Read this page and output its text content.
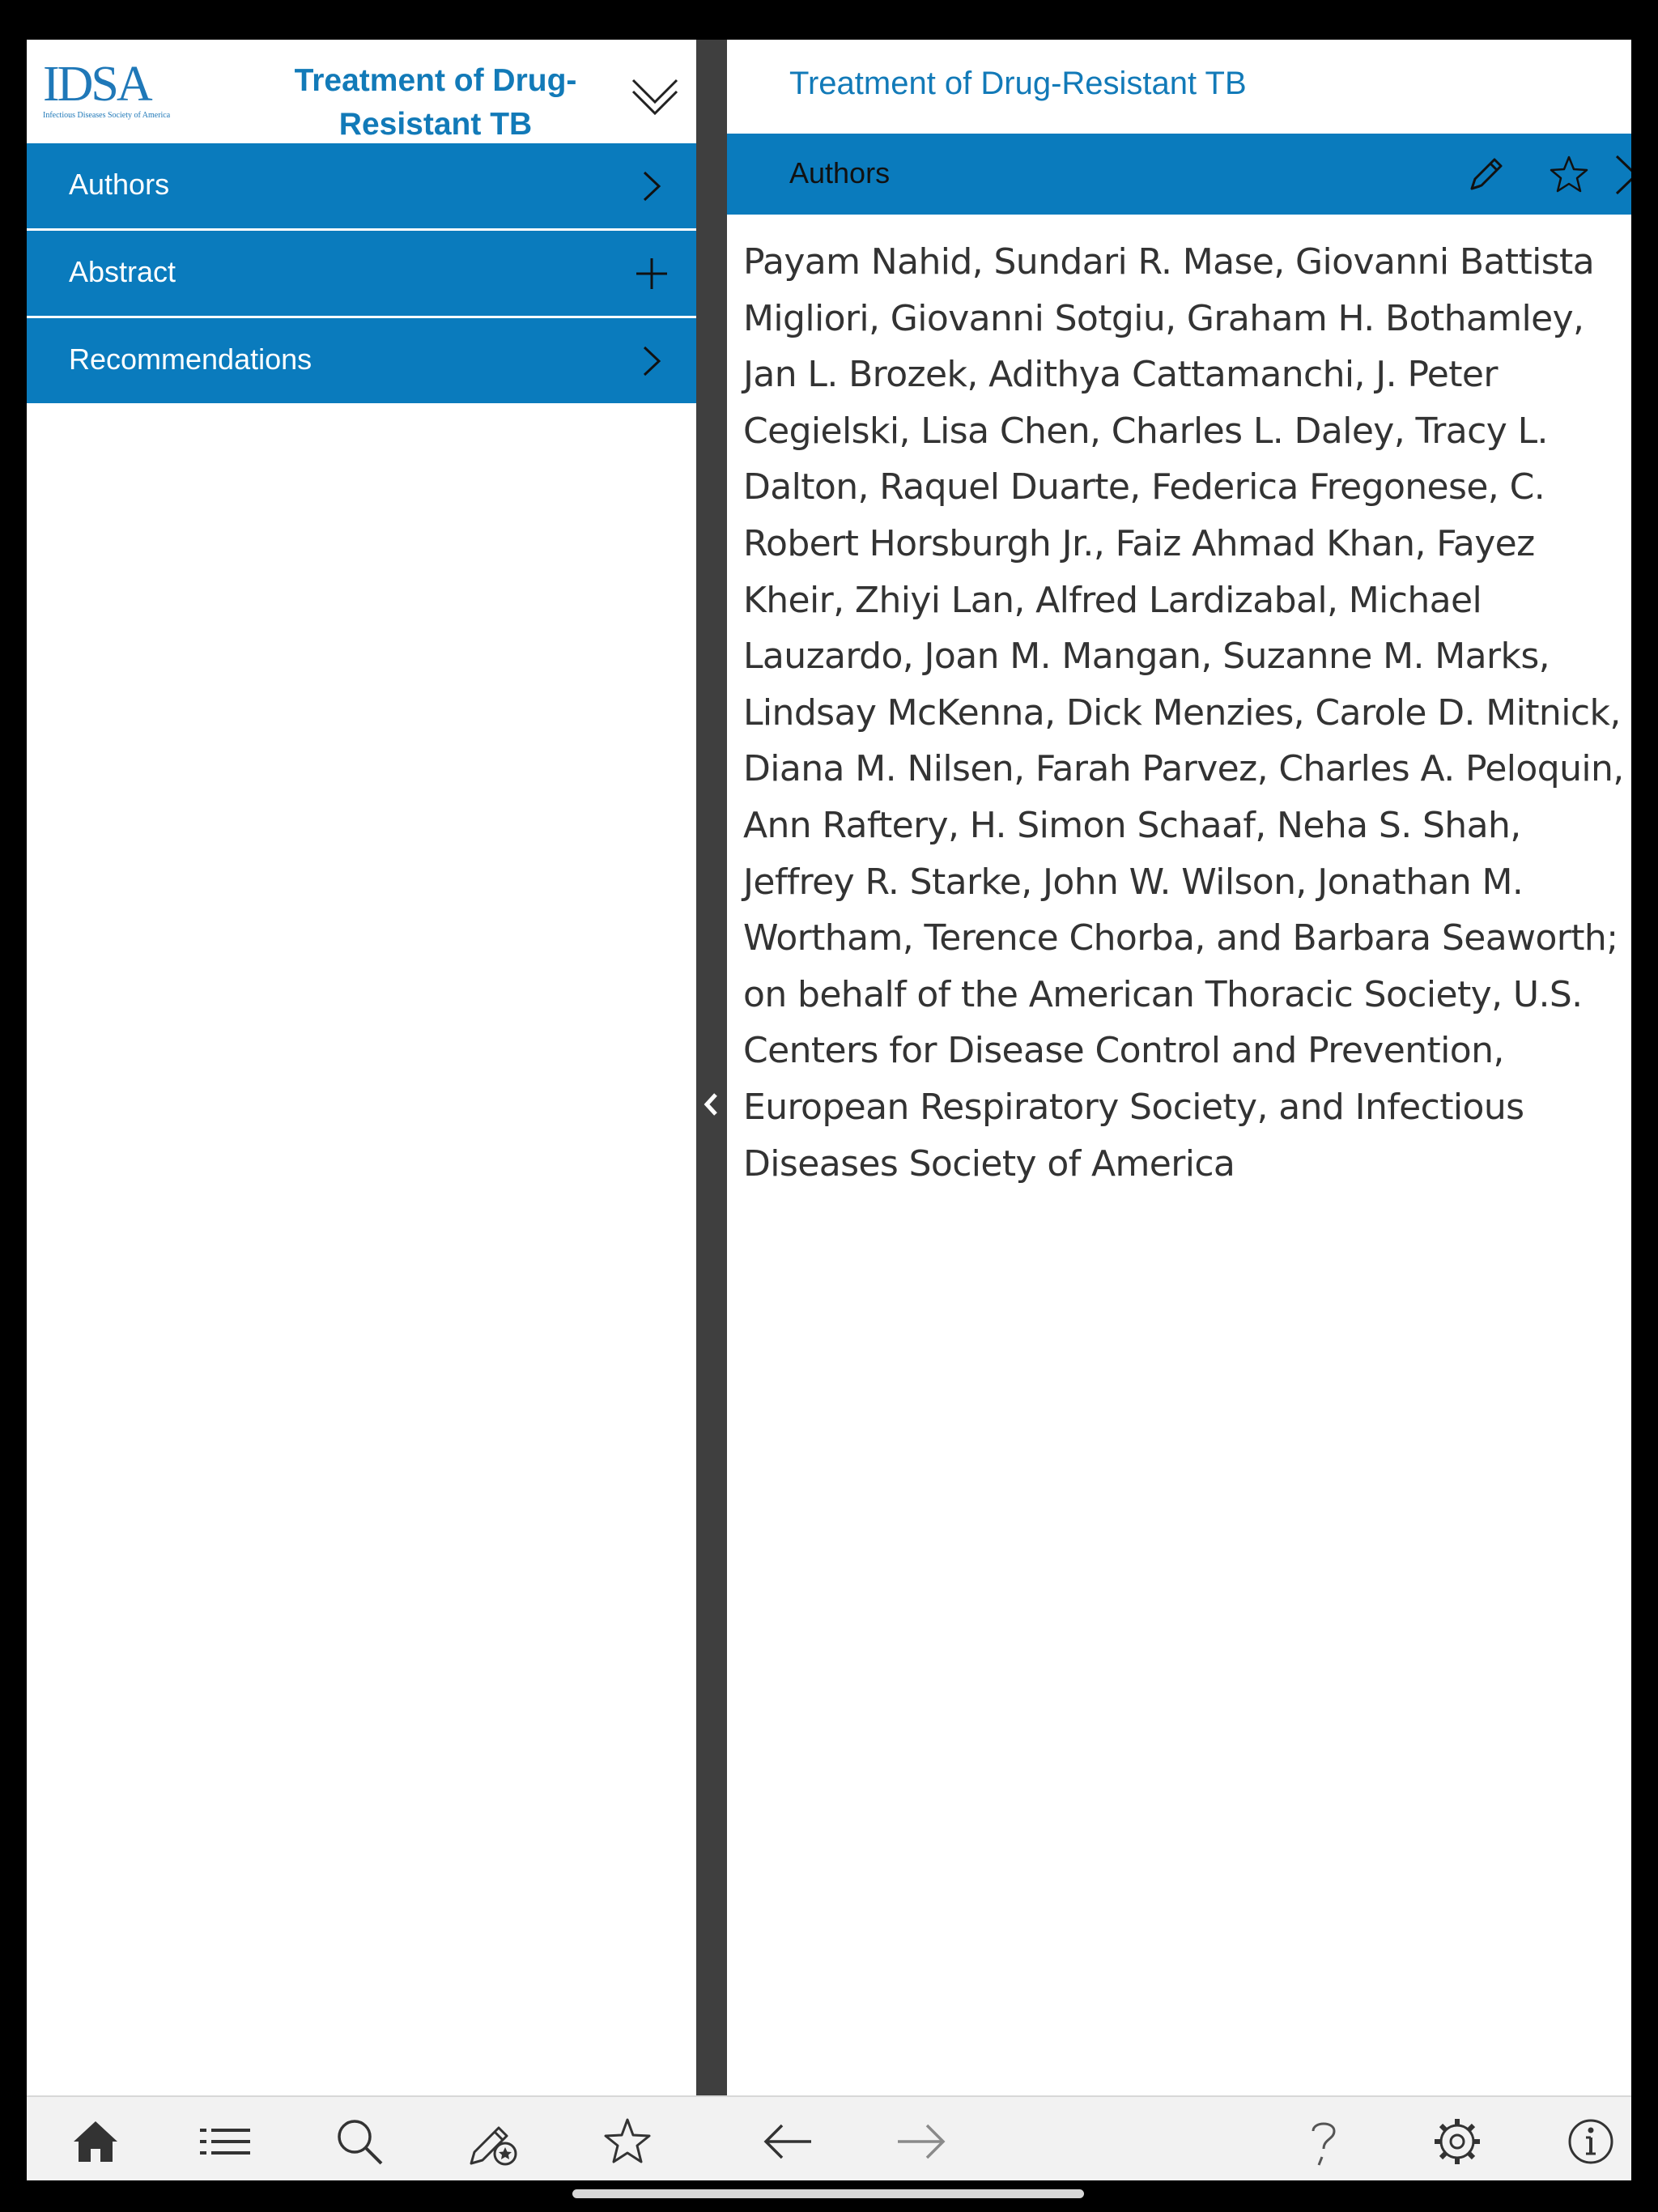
IDSA
Infectious Diseases Society of America
Treatment of Drug-
Resistant TB
Authors
Abstract
Recommendations
Treatment of Drug-Resistant TB
Authors
Payam Nahid, Sundari R. Mase, Giovanni Battista Migliori, Giovanni Sotgiu, Graham H. Bothamley, Jan L. Brozek, Adithya Cattamanchi, J. Peter Cegielski, Lisa Chen, Charles L. Daley, Tracy L. Dalton, Raquel Duarte, Federica Fregonese, C. Robert Horsburgh Jr., Faiz Ahmad Khan, Fayez Kheir, Zhiyi Lan, Alfred Lardizabal, Michael Lauzardo, Joan M. Mangan, Suzanne M. Marks, Lindsay McKenna, Dick Menzies, Carole D. Mitnick, Diana M. Nilsen, Farah Parvez, Charles A. Peloquin, Ann Raftery, H. Simon Schaaf, Neha S. Shah, Jeffrey R. Starke, John W. Wilson, Jonathan M. Wortham, Terence Chorba, and Barbara Seaworth; on behalf of the American Thoracic Society, U.S. Centers for Disease Control and Prevention, European Respiratory Society, and Infectious Diseases Society of America
